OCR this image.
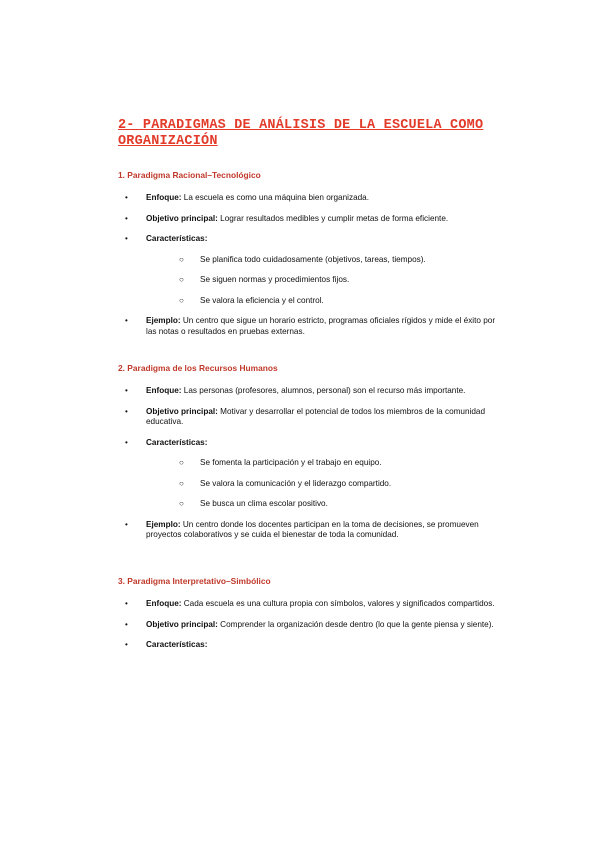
2- PARADIGMAS DE ANÁLISIS DE LA ESCUELA COMO ORGANIZACIÓN
1. Paradigma Racional–Tecnológico
• Enfoque: La escuela es como una máquina bien organizada.
• Objetivo principal: Lograr resultados medibles y cumplir metas de forma eficiente.
• Características:
○ Se planifica todo cuidadosamente (objetivos, tareas, tiempos).
○ Se siguen normas y procedimientos fijos.
○ Se valora la eficiencia y el control.
• Ejemplo: Un centro que sigue un horario estricto, programas oficiales rígidos y mide el éxito por las notas o resultados en pruebas externas.
2. Paradigma de los Recursos Humanos
• Enfoque: Las personas (profesores, alumnos, personal) son el recurso más importante.
• Objetivo principal: Motivar y desarrollar el potencial de todos los miembros de la comunidad educativa.
• Características:
○ Se fomenta la participación y el trabajo en equipo.
○ Se valora la comunicación y el liderazgo compartido.
○ Se busca un clima escolar positivo.
• Ejemplo: Un centro donde los docentes participan en la toma de decisiones, se promueven proyectos colaborativos y se cuida el bienestar de toda la comunidad.
3. Paradigma Interpretativo–Simbólico
• Enfoque: Cada escuela es una cultura propia con símbolos, valores y significados compartidos.
• Objetivo principal: Comprender la organización desde dentro (lo que la gente piensa y siente).
• Características:
